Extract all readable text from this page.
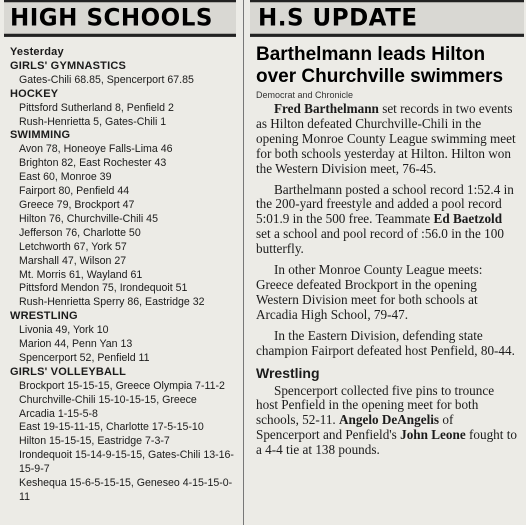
HIGH SCHOOLS
Yesterday
GIRLS' GYMNASTICS
Gates-Chili 68.85, Spencerport 67.85
HOCKEY
Pittsford Sutherland 8, Penfield 2
Rush-Henrietta 5, Gates-Chili 1
SWIMMING
Avon 78, Honeoye Falls-Lima 46
Brighton 82, East Rochester 43
East 60, Monroe 39
Fairport 80, Penfield 44
Greece 79, Brockport 47
Hilton 76, Churchville-Chili 45
Jefferson 76, Charlotte 50
Letchworth 67, York 57
Marshall 47, Wilson 27
Mt. Morris 61, Wayland 61
Pittsford Mendon 75, Irondequoit 51
Rush-Henrietta Sperry 86, Eastridge 32
WRESTLING
Livonia 49, York 10
Marion 44, Penn Yan 13
Spencerport 52, Penfield 11
GIRLS' VOLLEYBALL
Brockport 15-15-15, Greece Olympia 7-11-2
Churchville-Chili 15-10-15-15, Greece Arcadia 1-15-5-8
East 19-15-11-15, Charlotte 17-5-15-10
Hilton 15-15-15, Eastridge 7-3-7
Irondequoit 15-14-9-15-15, Gates-Chili 13-16-15-9-7
Keshequa 15-6-5-15-15, Geneseo 4-15-15-0-11
H.S UPDATE
Barthelmann leads Hilton over Churchville swimmers
Democrat and Chronicle

Fred Barthelmann set records in two events as Hilton defeated Churchville-Chili in the opening Monroe County League swimming meet for both schools yesterday at Hilton. Hilton won the Western Division meet, 76-45.

Barthelmann posted a school record 1:52.4 in the 200-yard freestyle and added a pool record 5:01.9 in the 500 free. Teammate Ed Baetzold set a school and pool record of :56.0 in the 100 butterfly.

In other Monroe County League meets: Greece defeated Brockport in the opening Western Division meet for both schools at Arcadia High School, 79-47.

In the Eastern Division, defending state champion Fairport defeated host Penfield, 80-44.

Wrestling

Spencerport collected five pins to trounce host Penfield in the opening meet for both schools, 52-11. Angelo DeAngelis of Spencerport and Penfield's John Leone fought to a 4-4 tie at 138 pounds.
